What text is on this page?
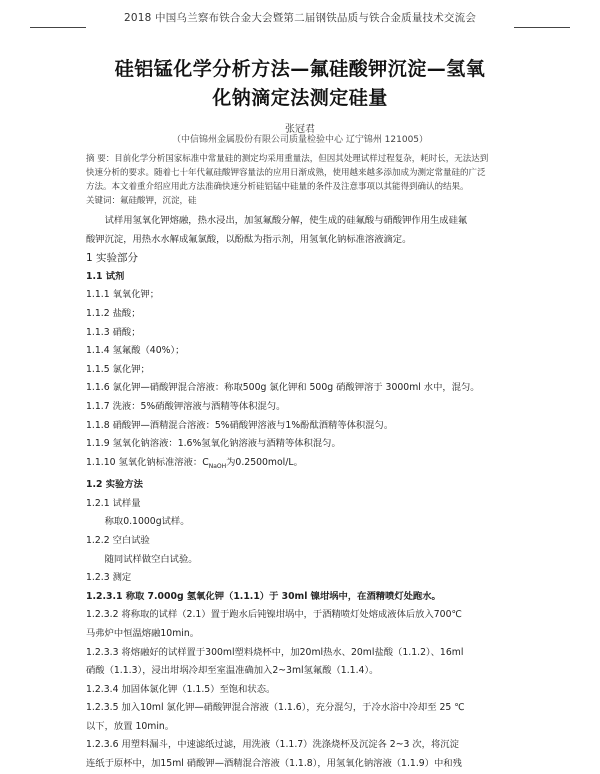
2018 中国乌兰察布铁合金大会暨第二届钢铁品质与铁合金质量技术交流会
硅铝锰化学分析方法—氟硅酸钾沉淀—氢氧
化钠滴定法测定硅量
张冠君
（中信锦州金属股份有限公司质量检验中心 辽宁锦州 121005）

摘 要：目前化学分析国家标准中常量硅的测定均采用重量法，但因其处理试样过程复杂，耗时长，无法达到

快速分析的要求。随着七十年代氟硅酸钾容量法的应用日渐成熟，使用越来越多添加成为测定常量硅的广泛

方法。本文着重介绍应用此方法准确快速分析硅铝锰中硅量的条件及注意事项以其能得到确认的结果。

关键词：氟硅酸钾，沉淀，硅

试样用氢氧化钾熔融，热水浸出，加氢氟酸分解，使生成的硅氟酸与硝酸钾作用生成硅氟

酸钾沉淀，用热水水解成氟氯酸，以酚酞为指示剂，用氢氧化钠标准溶液滴定。

1 实验部分

1.1 试剂

1.1.1 氧氧化钾；

1.1.2 盐酸；

1.1.3 硝酸；

1.1.4 氢氟酸（40%）；

1.1.5 氯化钾；

1.1.6 氯化钾—硝酸钾混合溶液：称取500g 氯化钾和 500g 硝酸钾溶于 3000ml 水中，混匀。

1.1.7 洗液：5%硝酸钾溶液与酒精等体积混匀。

1.1.8 硝酸钾—酒精混合溶液：5%硝酸钾溶液与1%酚酞酒精等体积混匀。

1.1.9 氢氧化钠溶液：1.6%氢氧化钠溶液与酒精等体积混匀。

1.1.10 氢氧化钠标准溶液：$C_{NaOH}$为0.2500mol/L。

1.2 实验方法

1.2.1 试样量

称取0.1000g试样。

1.2.2 空白试验

随同试样做空白试验。

1.2.3 测定

1.2.3.1 称取 7.000g 氢氧化钾（1.1.1）于 30ml 镍坩埚中，在酒精喷灯处跑水。

1.2.3.2 将称取的试样（2.1）置于跑水后钝镍坩埚中，于酒精喷灯处熔成液体后放入700℃

马弗炉中恒温熔融10min。

1.2.3.3 将熔融好的试样置于300ml塑料烧杯中，加20ml热水、20ml盐酸（1.1.2）、16ml

硝酸（1.1.3），浸出坩埚冷却至室温准确加入2~3ml氢氟酸（1.1.4）。

1.2.3.4 加固体氯化钾（1.1.5）至饱和状态。

1.2.3.5 加入10ml 氯化钾—硝酸钾混合溶液（1.1.6），充分混匀，于冷水浴中冷却至 25 ℃

以下，放置 10min。

1.2.3.6 用塑料漏斗，中速滤纸过滤，用洗液（1.1.7）洗涤烧杯及沉淀各 2~3 次，将沉淀

连纸于原杯中，加15ml 硝酸钾—酒精混合溶液（1.1.8），用氢氧化钠溶液（1.1.9）中和残
